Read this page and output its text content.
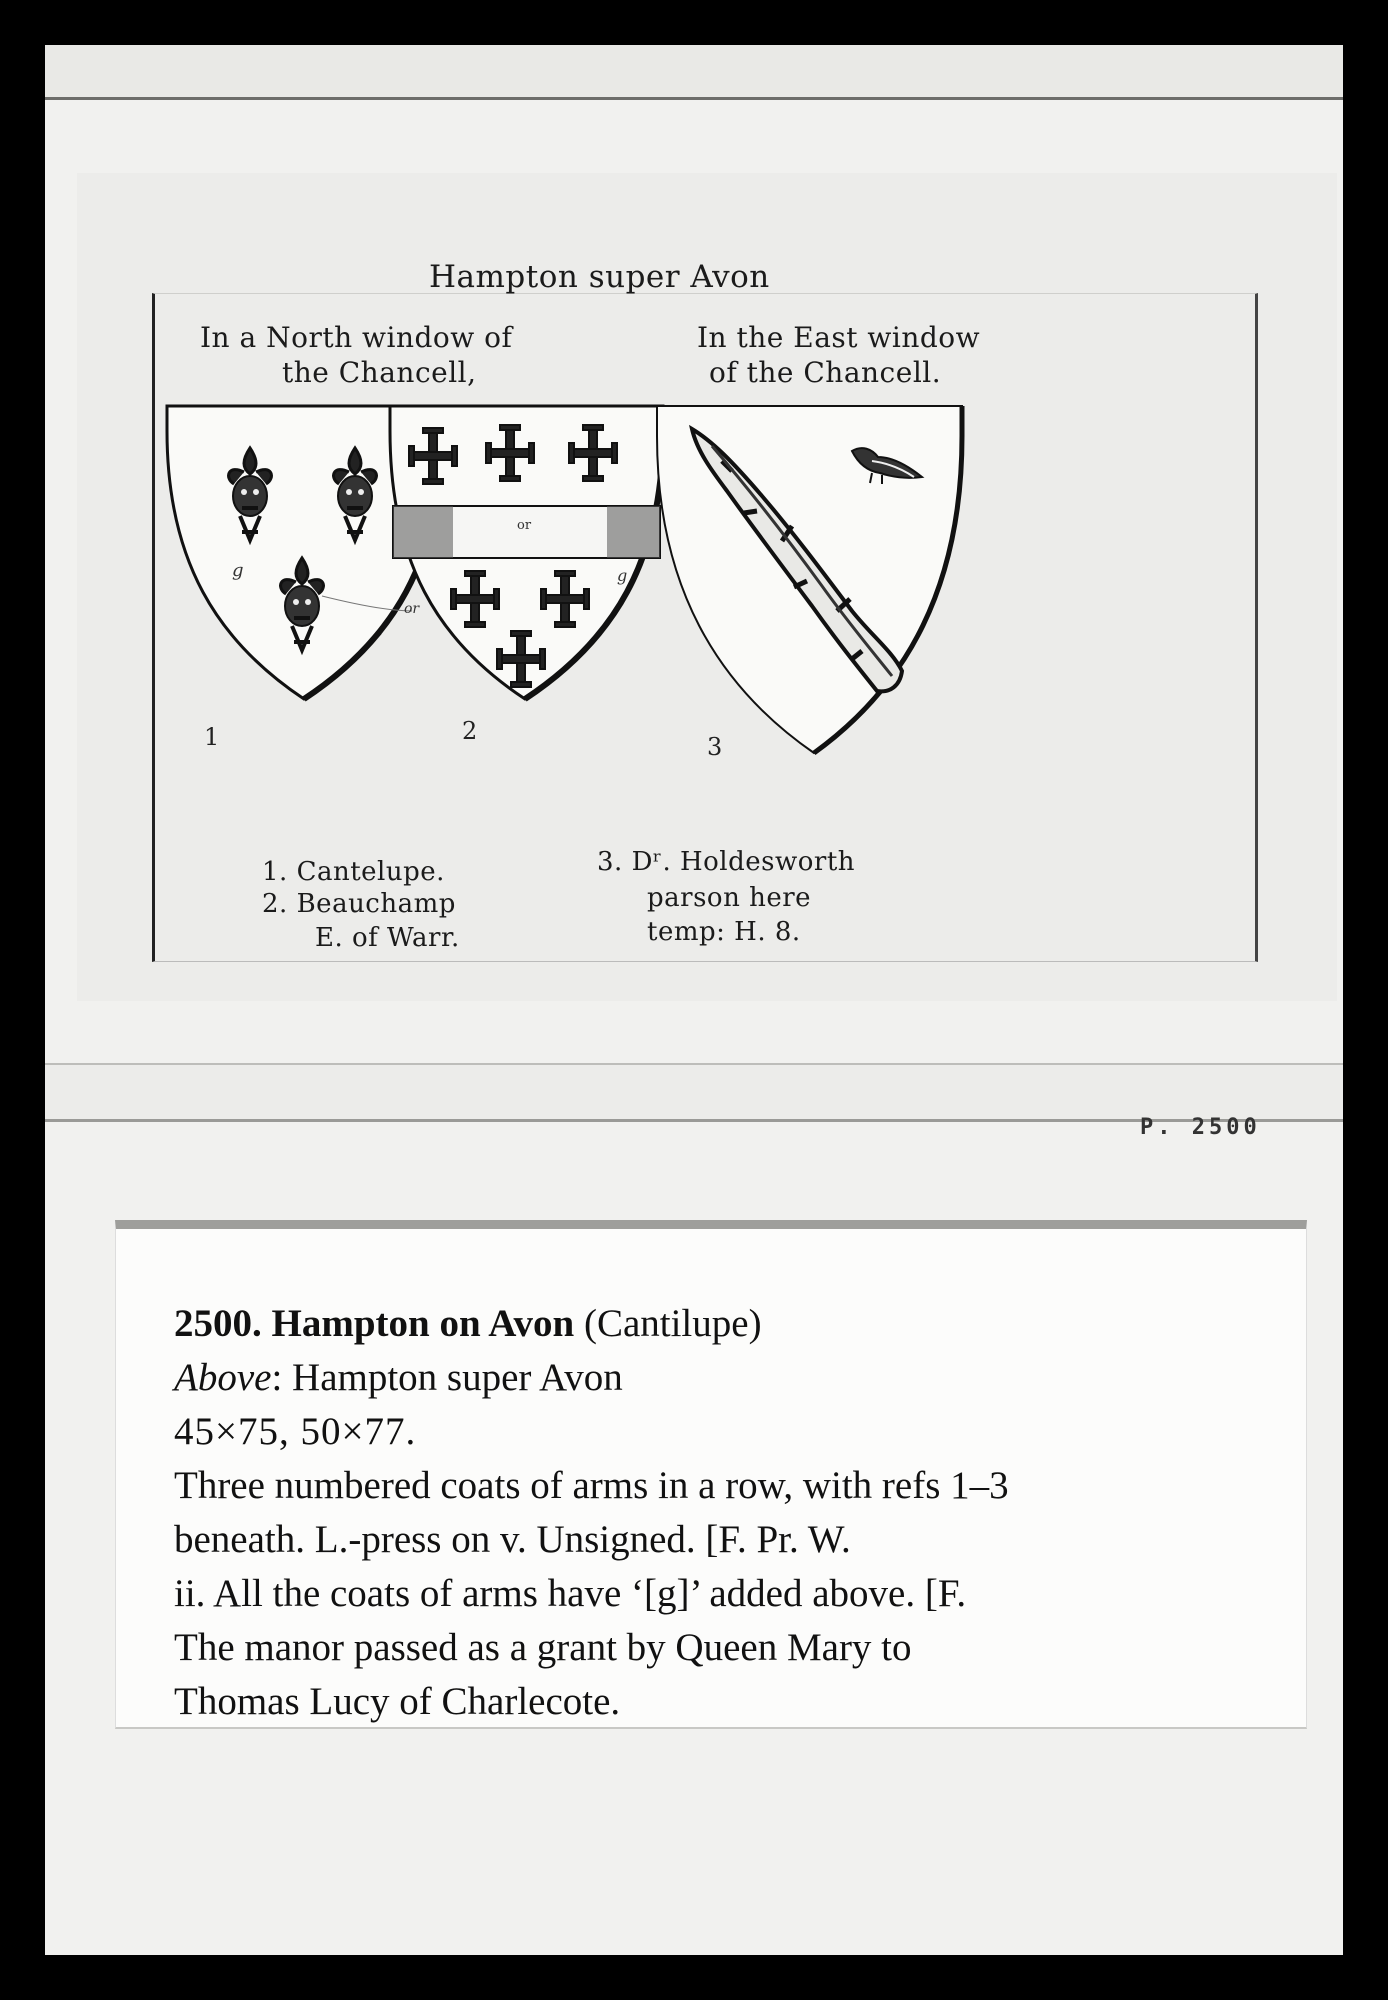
Hampton super Avon

In a North window of

the Chancell,

In the East window

of the Chancell.

g
or
or
g
1	2
3

1. Cantelupe.

2. Beauchamp

E. of Warr.

3. Dʳ. Holdesworth

parson here

temp: H. 8.

P. 2500

2500. Hampton on Avon (Cantilupe)

Above: Hampton super Avon

45×75, 50×77.

Three numbered coats of arms in a row, with refs 1–3

beneath. L.-press on v. Unsigned. [F. Pr. W.

ii. All the coats of arms have ‘[g]’ added above. [F.

The manor passed as a grant by Queen Mary to

Thomas Lucy of Charlecote.
